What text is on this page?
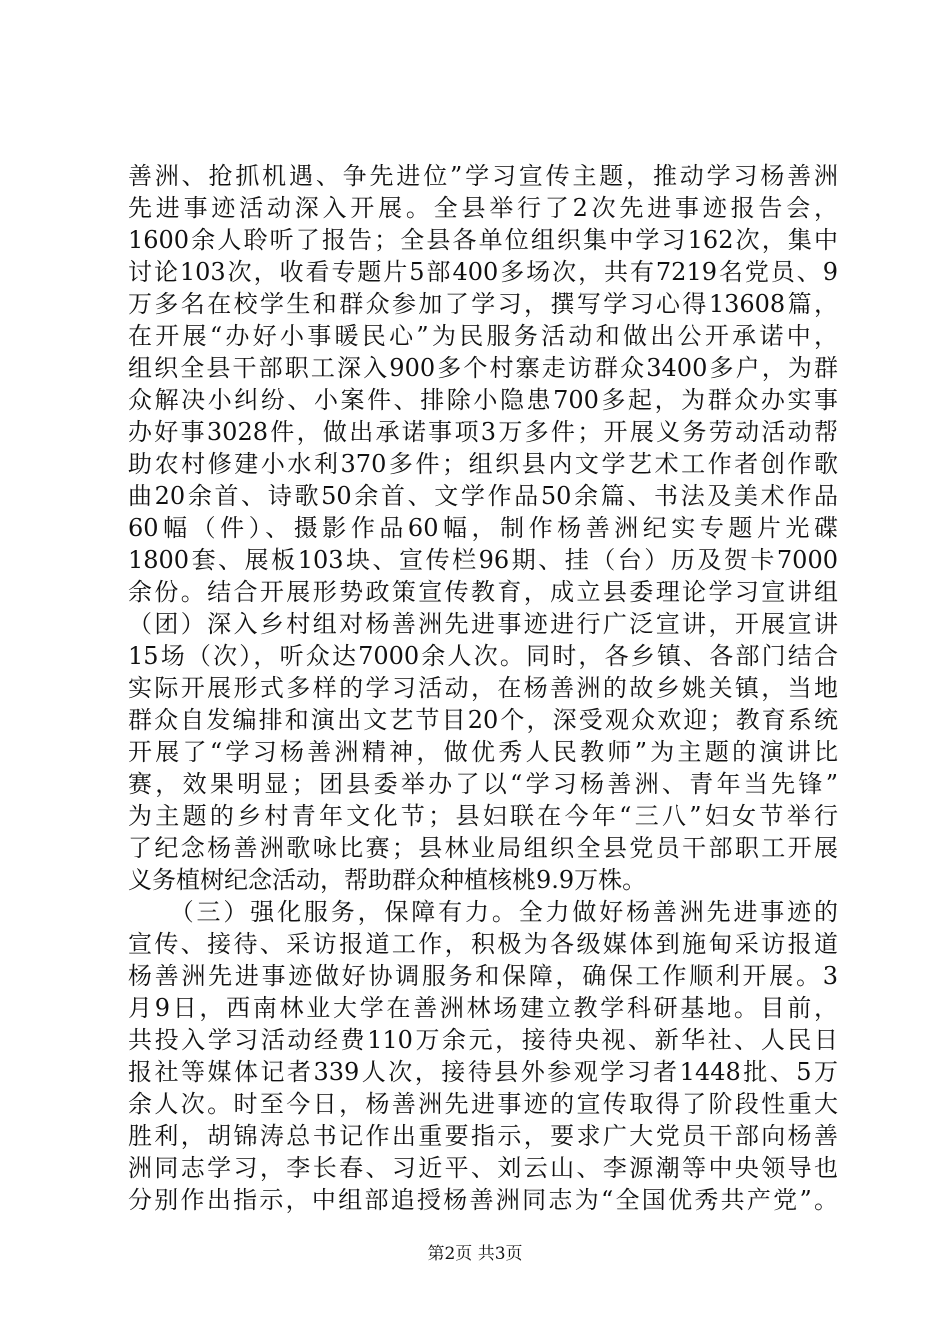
善洲、抢抓机遇、争先进位”学习宣传主题，推动学习杨善洲
先进事迹活动深入开展。全县举行了2次先进事迹报告会，
1600余人聆听了报告；全县各单位组织集中学习162次，集中
讨论103次，收看专题片5部400多场次，共有7219名党员、9
万多名在校学生和群众参加了学习，撰写学习心得13608篇，
在开展“办好小事暖民心”为民服务活动和做出公开承诺中，
组织全县干部职工深入900多个村寨走访群众3400多户，为群
众解决小纠纷、小案件、排除小隐患700多起，为群众办实事
办好事3028件，做出承诺事项3万多件；开展义务劳动活动帮
助农村修建小水利370多件；组织县内文学艺术工作者创作歌
曲20余首、诗歌50余首、文学作品50余篇、书法及美术作品
60幅（件）、摄影作品60幅，制作杨善洲纪实专题片光碟
1800套、展板103块、宣传栏96期、挂（台）历及贺卡7000
余份。结合开展形势政策宣传教育，成立县委理论学习宣讲组
（团）深入乡村组对杨善洲先进事迹进行广泛宣讲，开展宣讲
15场（次），听众达7000余人次。同时，各乡镇、各部门结合
实际开展形式多样的学习活动，在杨善洲的故乡姚关镇，当地
群众自发编排和演出文艺节目20个，深受观众欢迎；教育系统
开展了“学习杨善洲精神，做优秀人民教师”为主题的演讲比
赛，效果明显；团县委举办了以“学习杨善洲、青年当先锋”
为主题的乡村青年文化节；县妇联在今年“三八”妇女节举行
了纪念杨善洲歌咏比赛；县林业局组织全县党员干部职工开展
义务植树纪念活动，帮助群众种植核桃9.9万株。
　　（三）强化服务，保障有力。全力做好杨善洲先进事迹的
宣传、接待、采访报道工作，积极为各级媒体到施甸采访报道
杨善洲先进事迹做好协调服务和保障，确保工作顺利开展。3
月9日，西南林业大学在善洲林场建立教学科研基地。目前，
共投入学习活动经费110万余元，接待央视、新华社、人民日
报社等媒体记者339人次，接待县外参观学习者1448批、5万
余人次。时至今日，杨善洲先进事迹的宣传取得了阶段性重大
胜利，胡锦涛总书记作出重要指示，要求广大党员干部向杨善
洲同志学习，李长春、习近平、刘云山、李源潮等中央领导也
分别作出指示，中组部追授杨善洲同志为“全国优秀共产党”。
第2页 共3页
